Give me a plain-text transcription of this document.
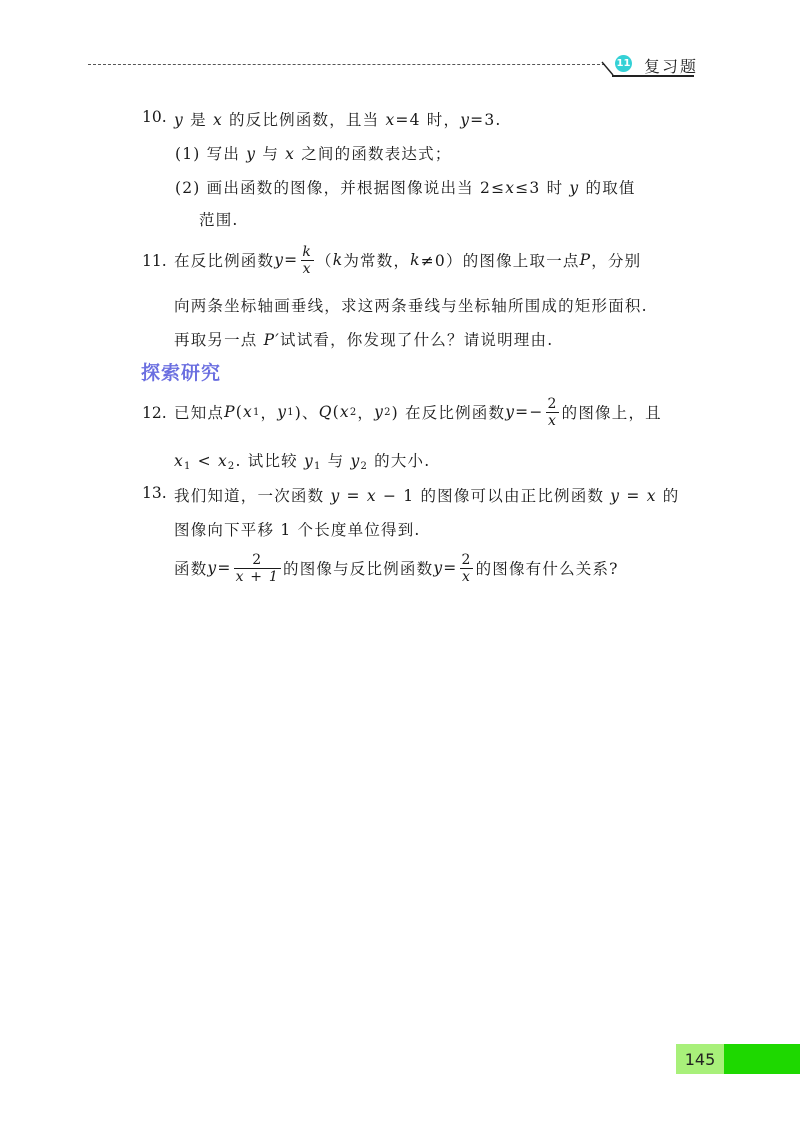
11 复习题
10. y 是 x 的反比例函数，且当 x=4 时，y=3.
(1) 写出 y 与 x 之间的函数表达式；
(2) 画出函数的图像，并根据图像说出当 2≤x≤3 时 y 的取值
范围.
11. 在反比例函数 $y = \frac{k}{x}$ （ k 为常数， k ≠0）的图像上取一点 P ，分别
向两条坐标轴画垂线，求这两条垂线与坐标轴所围成的矩形面积.
再取另一点 P′试试看，你发现了什么？请说明理由.
探索研究
12. 已知点 P ( x 1 ， y 1 )、 Q ( x 2 ， y 2 ) 在反比例函数 $y =- \frac{2}{x}$ 的图像上，且
$x_1 < x_2$. 试比较 $y_1$ 与 $y_2$ 的大小.
13. 我们知道，一次函数 y = x − 1 的图像可以由正比例函数 y = x 的
图像向下平移 1 个长度单位得到.
函数 $y = \frac{2}{x + 1}$ 的图像与反比例函数 $y = \frac{2}{x}$ 的图像有什么关系?
145
